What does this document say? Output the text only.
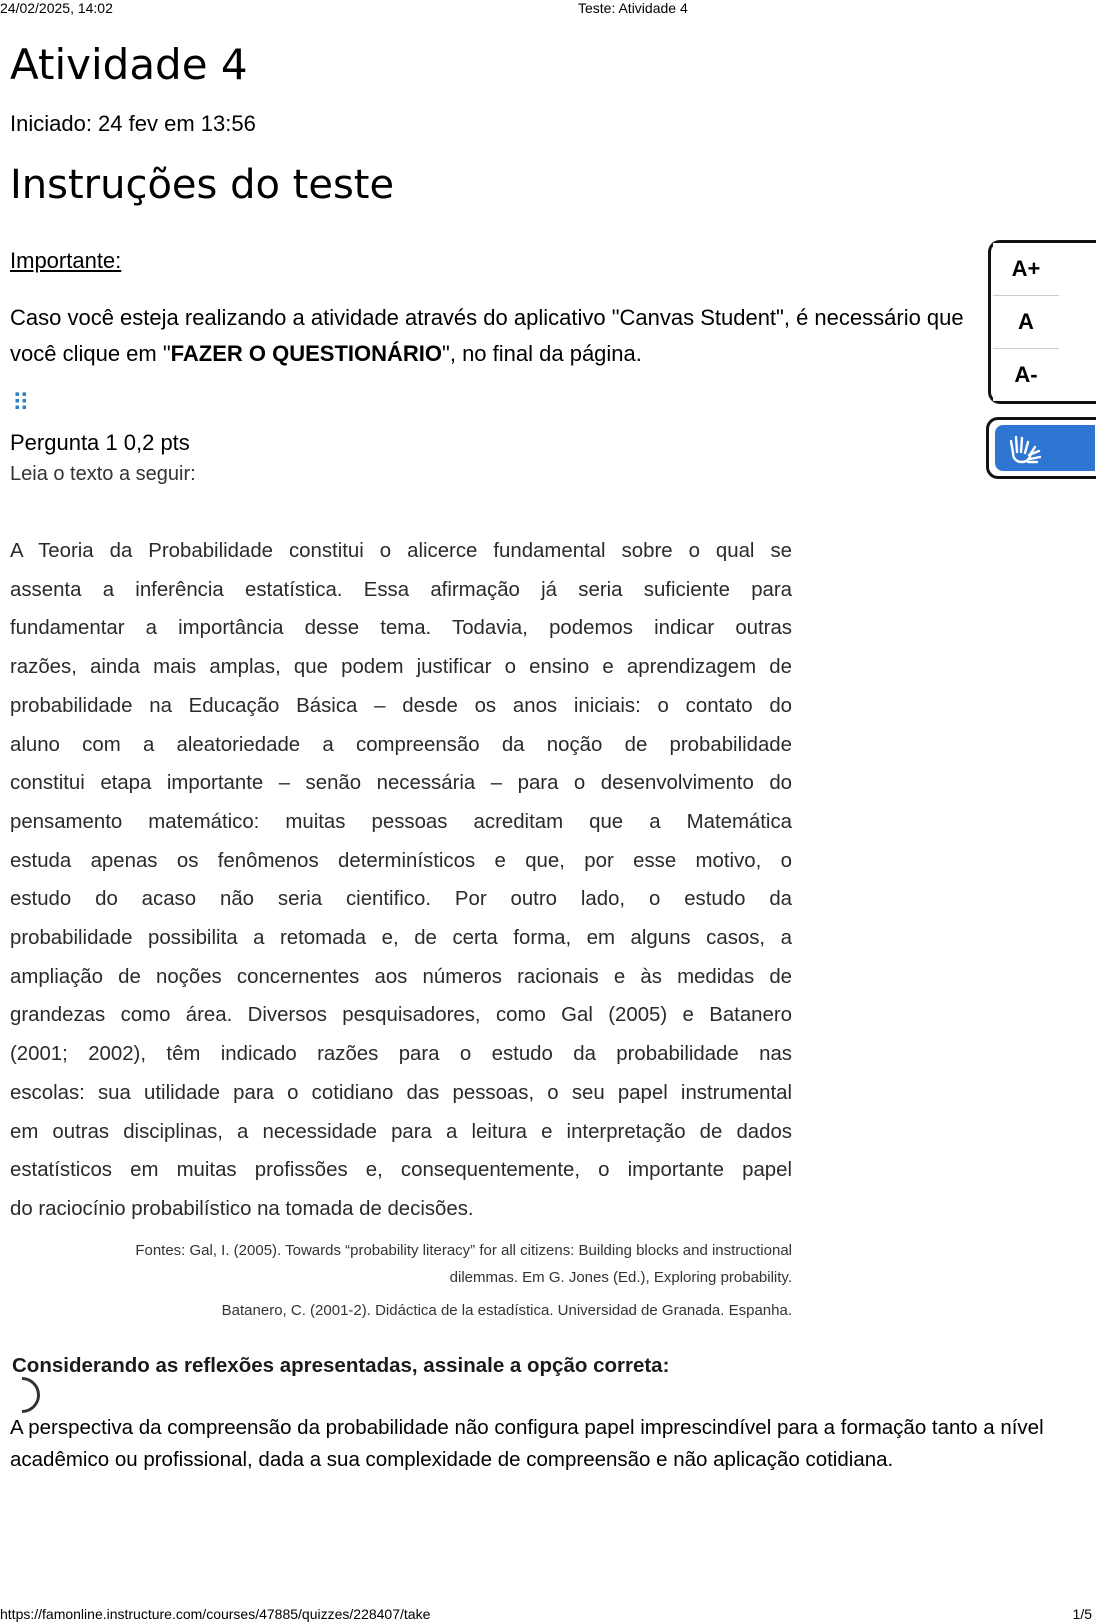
24/02/2025, 14:02	Teste: Atividade 4
Atividade 4
Iniciado: 24 fev em 13:56
Instruções do teste
Importante:
Caso você esteja realizando a atividade através do aplicativo "Canvas Student", é necessário que
você clique em "FAZER O QUESTIONÁRIO", no final da página.
⠿
Pergunta 1 0,2 pts

Leia o texto a seguir:

A Teoria da Probabilidade constitui o alicerce fundamental sobre o qual se
assenta a inferência estatística. Essa afirmação já seria suficiente para
fundamentar a importância desse tema. Todavia, podemos indicar outras
razões, ainda mais amplas, que podem justificar o ensino e aprendizagem de
probabilidade na Educação Básica – desde os anos iniciais: o contato do
aluno com a aleatoriedade a compreensão da noção de probabilidade
constitui etapa importante – senão necessária – para o desenvolvimento do
pensamento matemático: muitas pessoas acreditam que a Matemática
estuda apenas os fenômenos determinísticos e que, por esse motivo, o
estudo do acaso não seria cientifico. Por outro lado, o estudo da
probabilidade possibilita a retomada e, de certa forma, em alguns casos, a
ampliação de noções concernentes aos números racionais e às medidas de
grandezas como área. Diversos pesquisadores, como Gal (2005) e Batanero
(2001; 2002), têm indicado razões para o estudo da probabilidade nas
escolas: sua utilidade para o cotidiano das pessoas, o seu papel instrumental
em outras disciplinas, a necessidade para a leitura e interpretação de dados
estatísticos em muitas profissões e, consequentemente, o importante papel
do raciocínio probabilístico na tomada de decisões.
Fontes: Gal, I. (2005). Towards “probability literacy” for all citizens: Building blocks and instructional
dilemmas. Em G. Jones (Ed.), Exploring probability.
Batanero, C. (2001-2). Didáctica de la estadística. Universidad de Granada. Espanha.
Considerando as reflexões apresentadas, assinale a opção correta:
A perspectiva da compreensão da probabilidade não configura papel imprescindível para a formação tanto a nível
acadêmico ou profissional, dada a sua complexidade de compreensão e não aplicação cotidiana.
A+
A
A-
https://famonline.instructure.com/courses/47885/quizzes/228407/take	1/5
